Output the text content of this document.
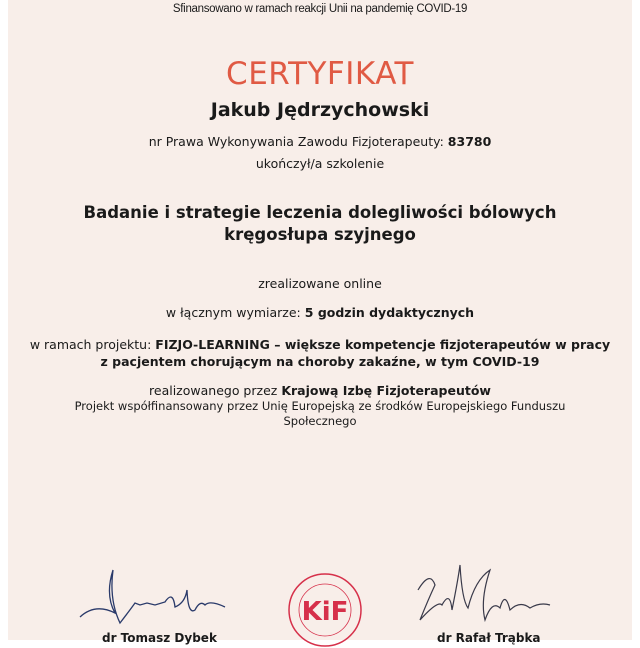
Sfinansowano w ramach reakcji Unii na pandemię COVID-19
CERTYFIKAT
Jakub Jędrzychowski
nr Prawa Wykonywania Zawodu Fizjoterapeuty: 83780
ukończył/a szkolenie
Badanie i strategie leczenia dolegliwości bólowych kręgosłupa szyjnego
zrealizowane online
w łącznym wymiarze: 5 godzin dydaktycznych
w ramach projektu: FIZJO-LEARNING – większe kompetencje fizjoterapeutów w pracy z pacjentem chorującym na choroby zakaźne, w tym COVID-19
realizowanego przez Krajową Izbę Fizjoterapeutów
Projekt współfinansowany przez Unię Europejską ze środków Europejskiego Funduszu Społecznego
KiF
dr Tomasz Dybek	dr Rafał Trąbka
